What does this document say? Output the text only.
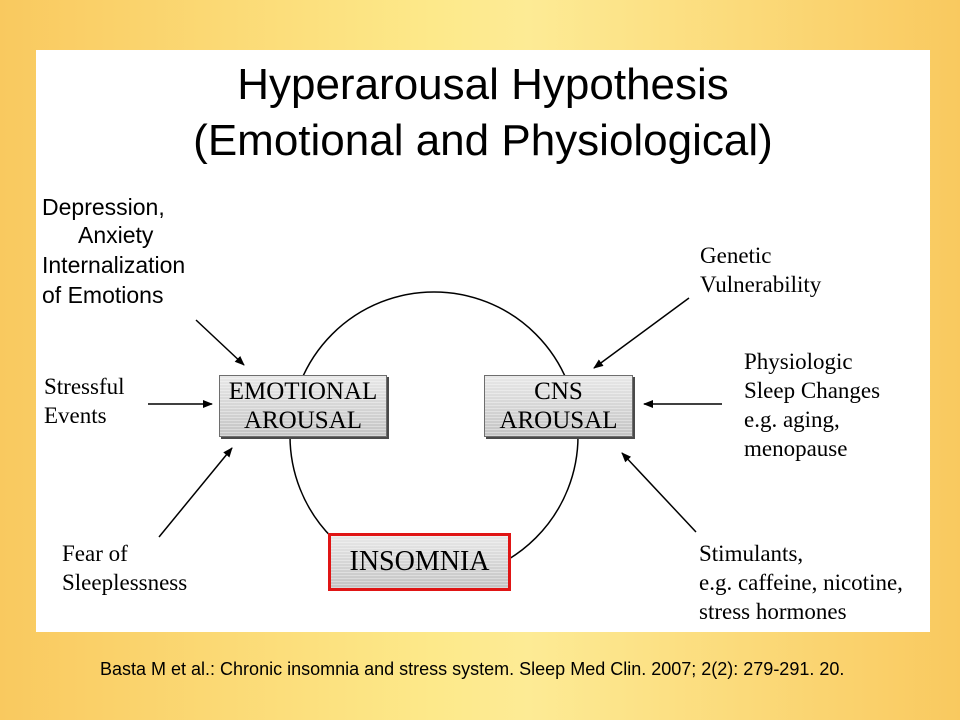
Hyperarousal Hypothesis
(Emotional and Physiological)
Depression,
Anxiety
Internalization
of Emotions
Stressful
Events
Fear of
Sleeplessness
Genetic
Vulnerability
Physiologic
Sleep Changes
e.g. aging,
menopause
Stimulants,
e.g. caffeine, nicotine,
stress hormones
EMOTIONAL
AROUSAL
CNS
AROUSAL
INSOMNIA
Basta M et al.: Chronic insomnia and stress system. Sleep Med Clin. 2007; 2(2): 279-291. 20.
